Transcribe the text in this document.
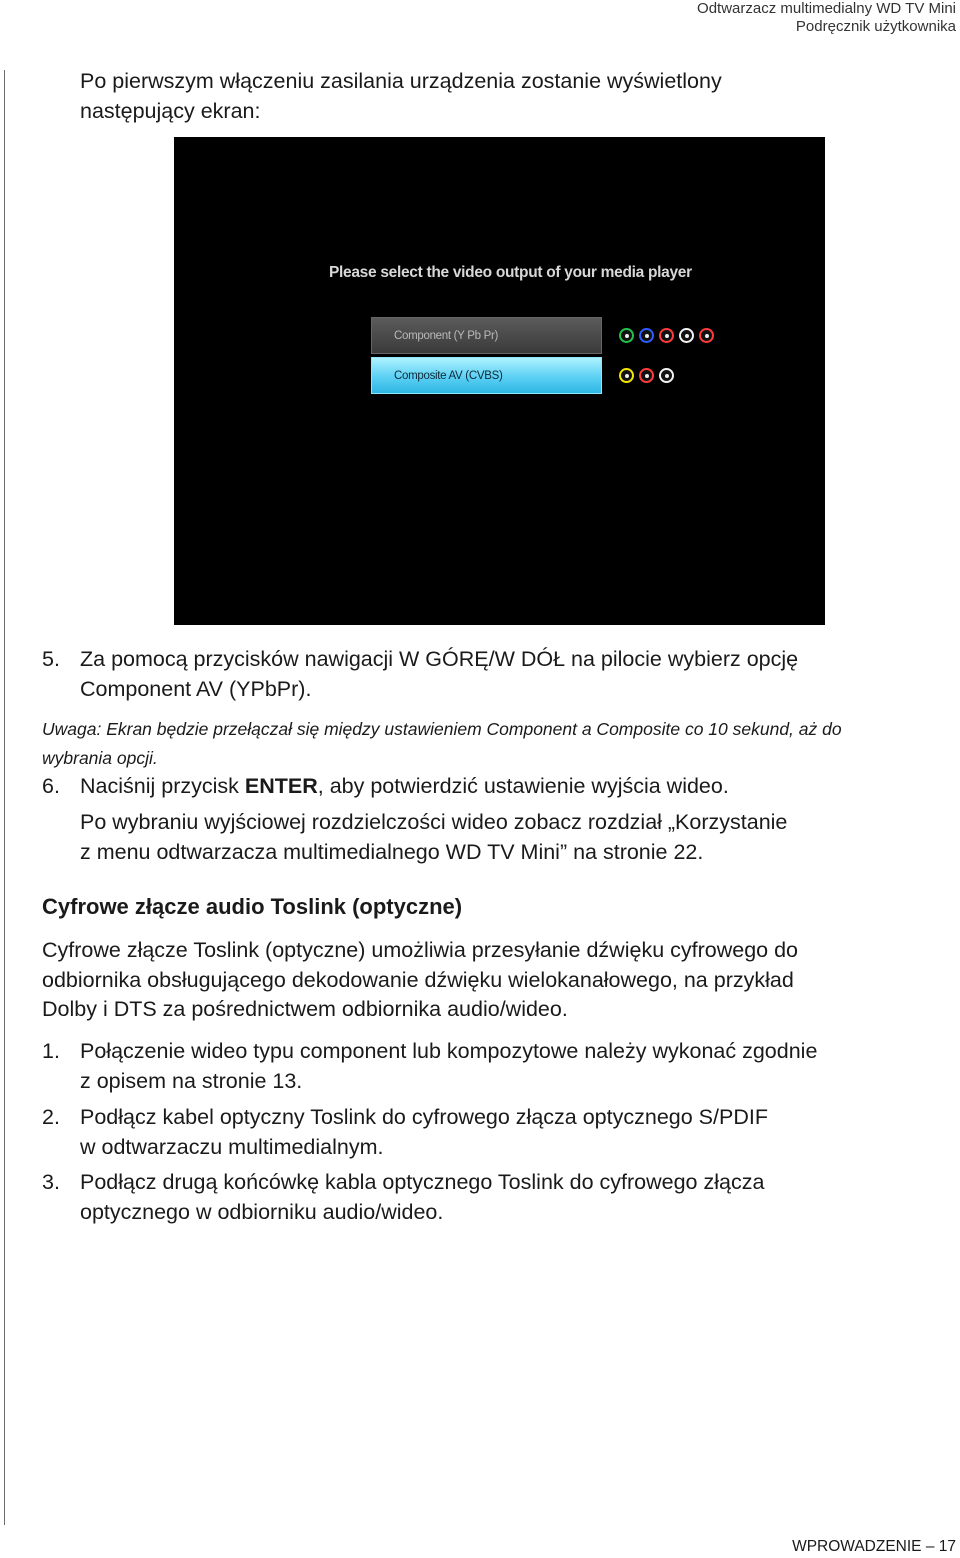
Odtwarzacz multimedialny WD TV Mini
Podręcznik użytkownika
Po pierwszym włączeniu zasilania urządzenia zostanie wyświetlony
następujący ekran:
Please select the video output of your media player
Component (Y Pb Pr)
Composite AV (CVBS)
5. Za pomocą przycisków nawigacji W GÓRĘ/W DÓŁ na pilocie wybierz opcję
Component AV (YPbPr).
Uwaga: Ekran będzie przełączał się między ustawieniem Component a Composite co 10 sekund, aż do
wybrania opcji.
6. Naciśnij przycisk ENTER, aby potwierdzić ustawienie wyjścia wideo.
Po wybraniu wyjściowej rozdzielczości wideo zobacz rozdział „Korzystanie
z menu odtwarzacza multimedialnego WD TV Mini” na stronie 22.
Cyfrowe złącze audio Toslink (optyczne)
Cyfrowe złącze Toslink (optyczne) umożliwia przesyłanie dźwięku cyfrowego do
odbiornika obsługującego dekodowanie dźwięku wielokanałowego, na przykład
Dolby i DTS za pośrednictwem odbiornika audio/wideo.
1. Połączenie wideo typu component lub kompozytowe należy wykonać zgodnie
z opisem na stronie 13.
2. Podłącz kabel optyczny Toslink do cyfrowego złącza optycznego S/PDIF
w odtwarzaczu multimedialnym.
3. Podłącz drugą końcówkę kabla optycznego Toslink do cyfrowego złącza
optycznego w odbiorniku audio/wideo.
WPROWADZENIE – 17
